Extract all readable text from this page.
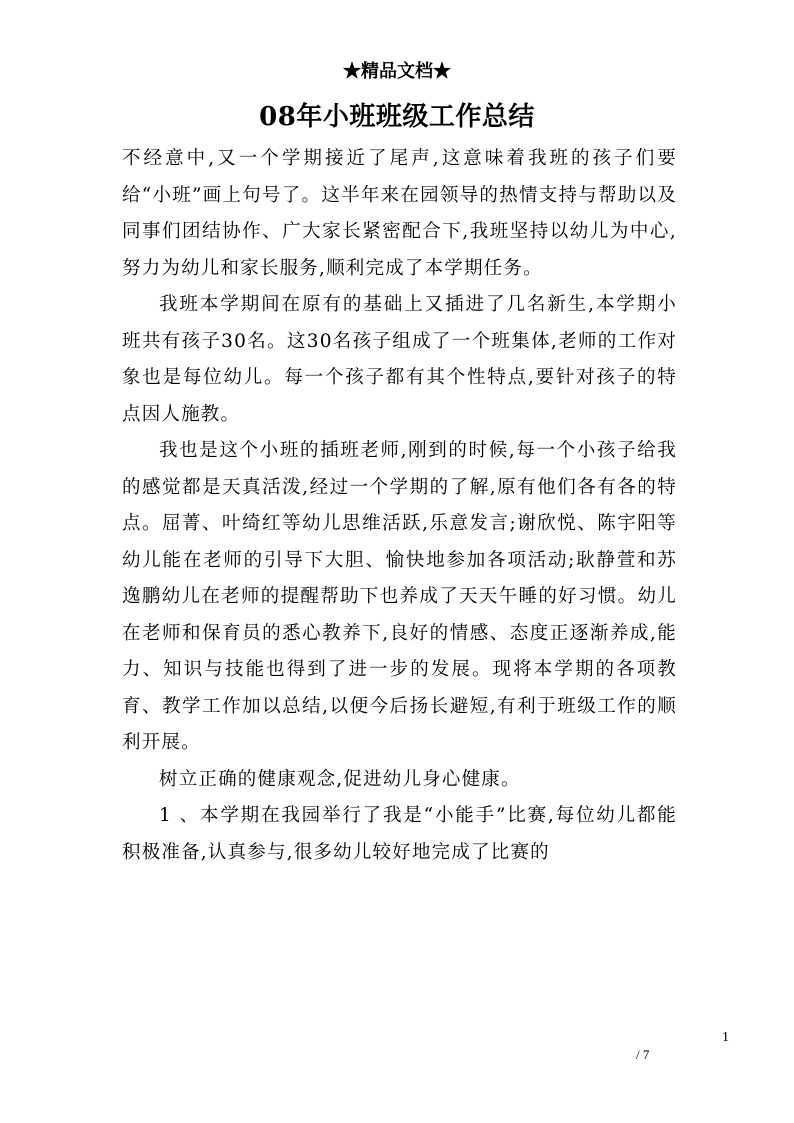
★精品文档★
08年小班班级工作总结

不经意中,又一个学期接近了尾声,这意味着我班的孩子们要给“小班”画上句号了。这半年来在园领导的热情支持与帮助以及同事们团结协作、广大家长紧密配合下,我班坚持以幼儿为中心,努力为幼儿和家长服务,顺利完成了本学期任务。

我班本学期间在原有的基础上又插进了几名新生,本学期小班共有孩子30名。这30名孩子组成了一个班集体,老师的工作对象也是每位幼儿。每一个孩子都有其个性特点,要针对孩子的特点因人施教。

我也是这个小班的插班老师,刚到的时候,每一个小孩子给我的感觉都是天真活泼,经过一个学期的了解,原有他们各有各的特点。屈菁、叶绮红等幼儿思维活跃,乐意发言;谢欣悦、陈宇阳等幼儿能在老师的引导下大胆、愉快地参加各项活动;耿静萱和苏逸鹏幼儿在老师的提醒帮助下也养成了天天午睡的好习惯。幼儿在老师和保育员的悉心教养下,良好的情感、态度正逐渐养成,能力、知识与技能也得到了进一步的发展。现将本学期的各项教育、教学工作加以总结,以便今后扬长避短,有利于班级工作的顺利开展。

树立正确的健康观念,促进幼儿身心健康。

1 、本学期在我园举行了我是“小能手”比赛,每位幼儿都能积极准备,认真参与,很多幼儿较好地完成了比赛的

1
/ 7
